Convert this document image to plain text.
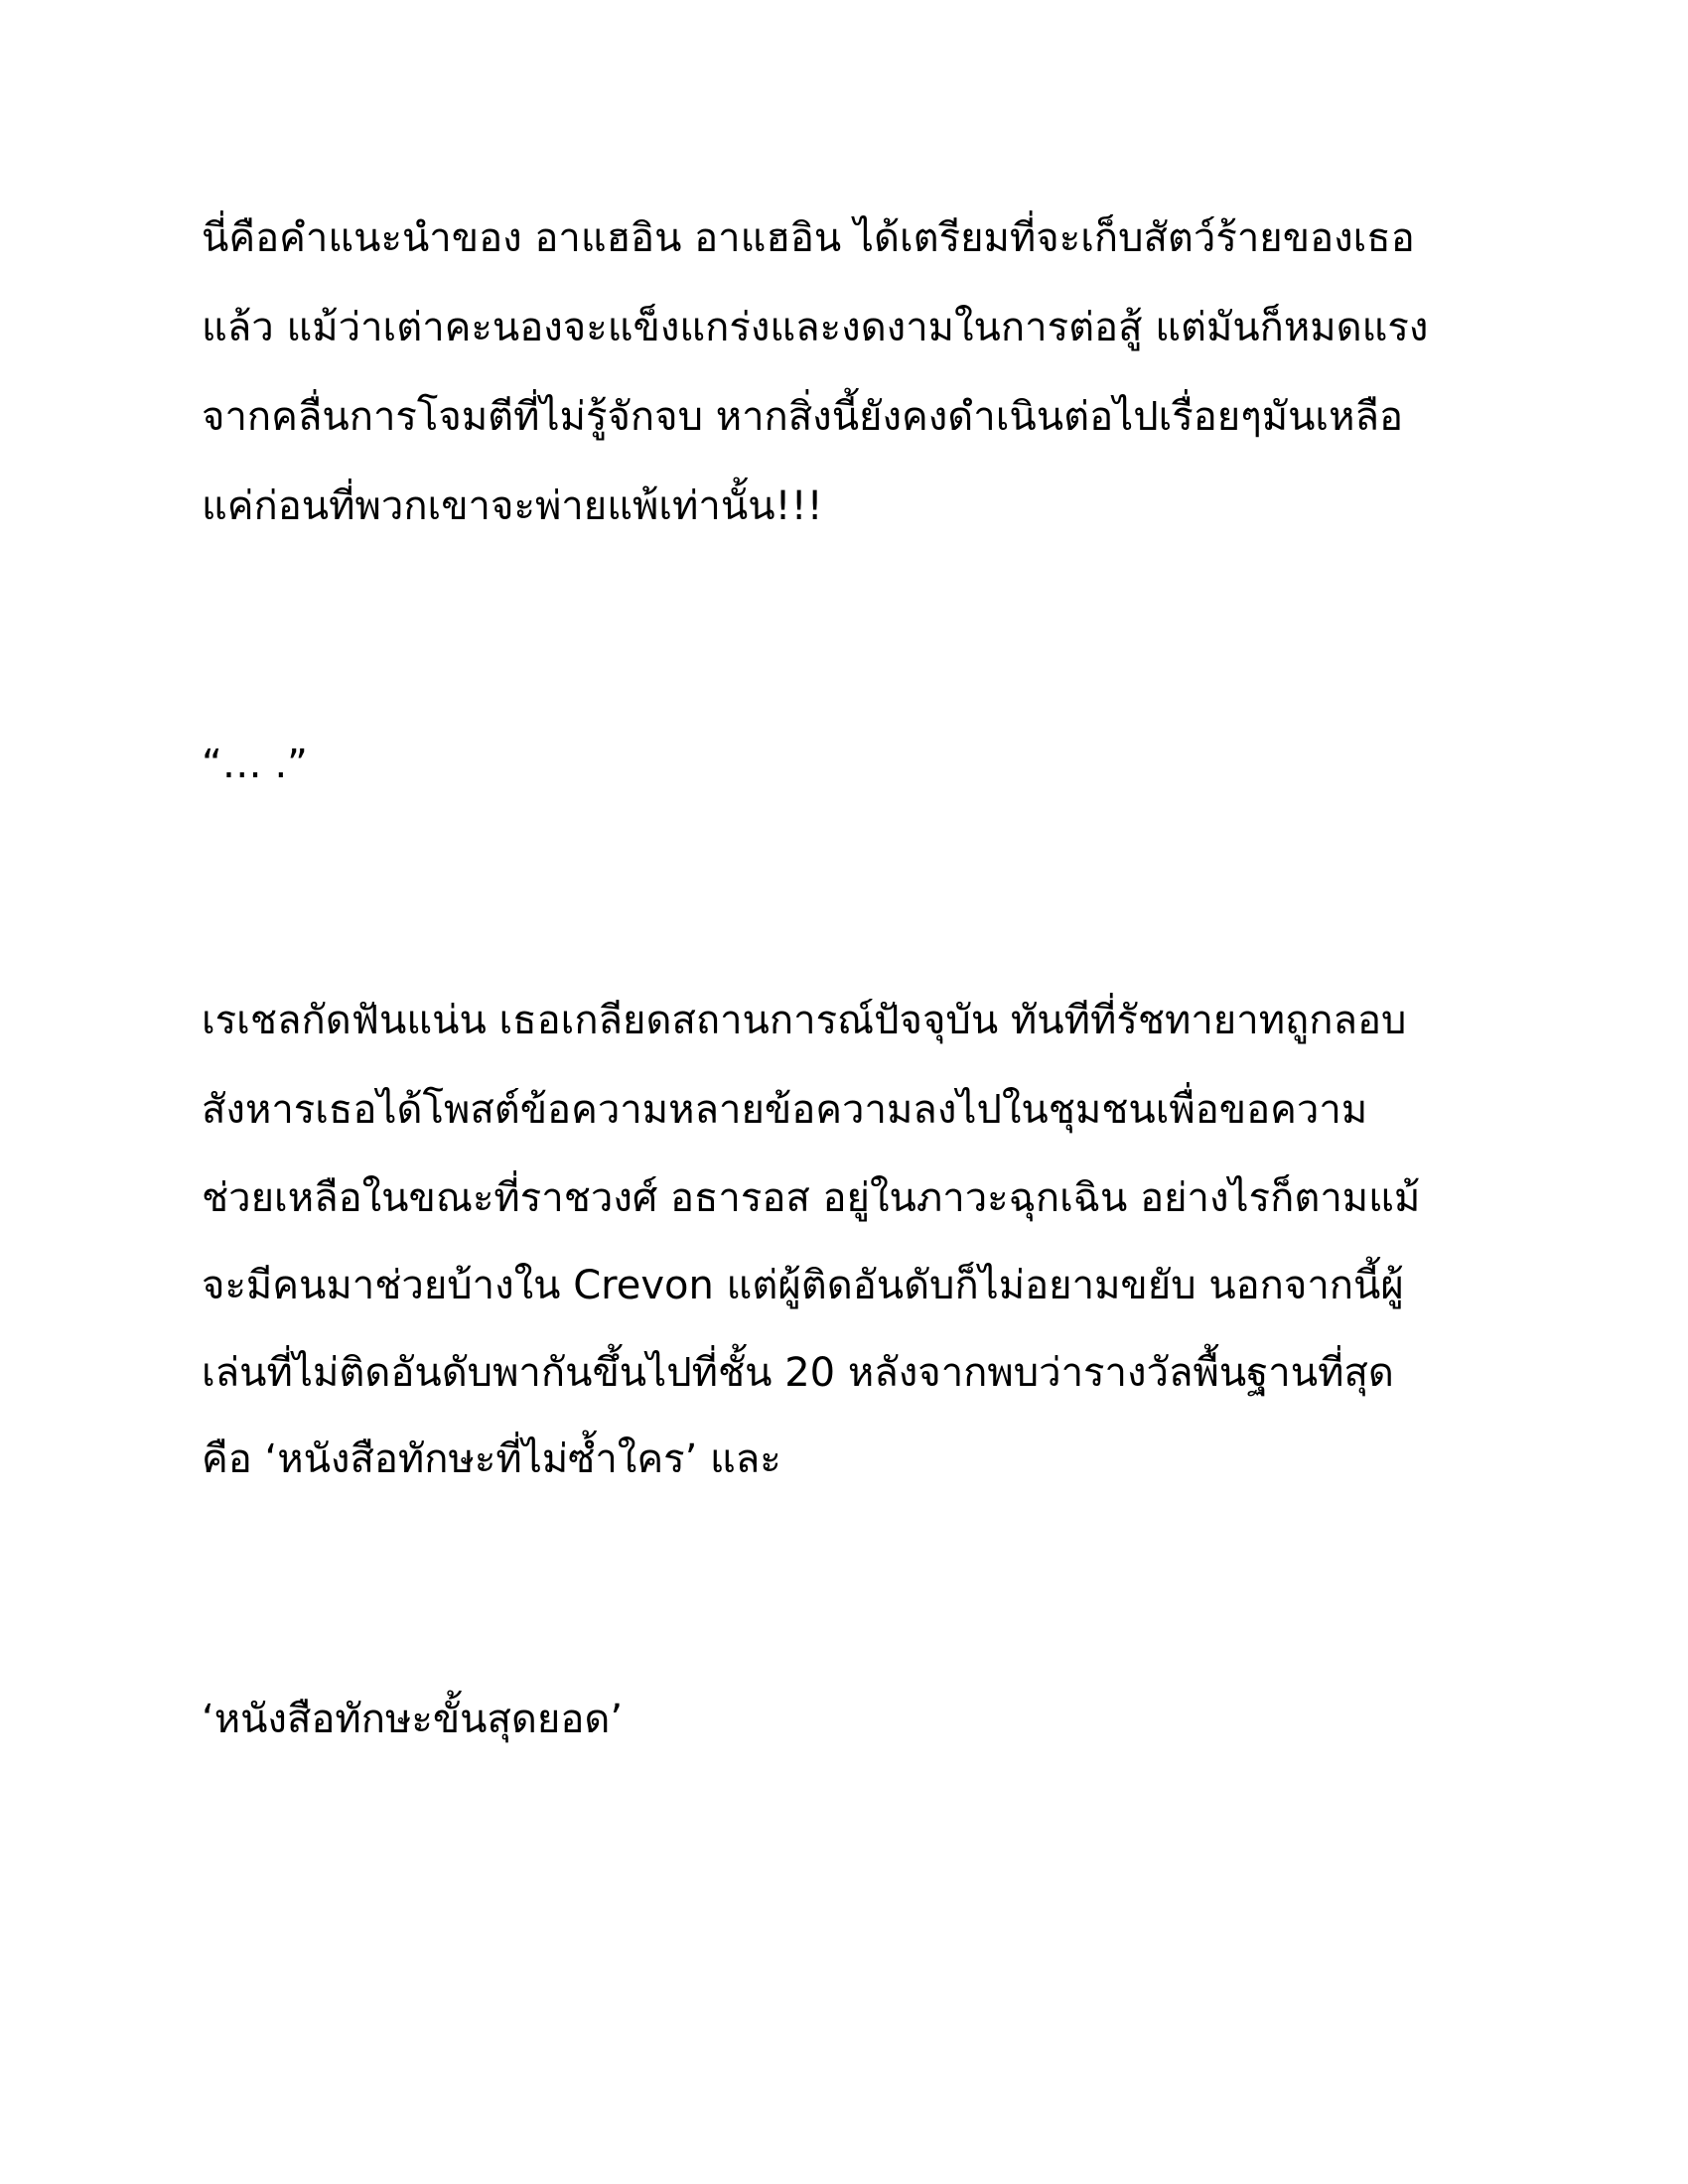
นี่คือคำแนะนำของ อาแฮอิน อาแฮอิน ได้เตรียมที่จะเก็บสัตว์ร้ายของเธอ

แล้ว แม้ว่าเต่าคะนองจะแข็งแกร่งและงดงามในการต่อสู้ แต่มันก็หมดแรง

จากคลื่นการโจมตีที่ไม่รู้จักจบ หากสิ่งนี้ยังคงดำเนินต่อไปเรื่อยๆมันเหลือ

แค่ก่อนที่พวกเขาจะพ่ายแพ้เท่านั้น!!!

“… .”

เรเชลกัดฟันแน่น เธอเกลียดสถานการณ์ปัจจุบัน ทันทีที่รัชทายาทถูกลอบ

สังหารเธอได้โพสต์ข้อความหลายข้อความลงไปในชุมชนเพื่อขอความ

ช่วยเหลือในขณะที่ราชวงศ์ อธารอส อยู่ในภาวะฉุกเฉิน อย่างไรก็ตามแม้

จะมีคนมาช่วยบ้างใน Crevon แต่ผู้ติดอันดับก็ไม่อยามขยับ นอกจากนี้ผู้

เล่นที่ไม่ติดอันดับพากันขึ้นไปที่ชั้น 20 หลังจากพบว่ารางวัลพื้นฐานที่สุด

คือ ‘หนังสือทักษะที่ไม่ซ้ำใคร’ และ

‘หนังสือทักษะขั้นสุดยอด’
